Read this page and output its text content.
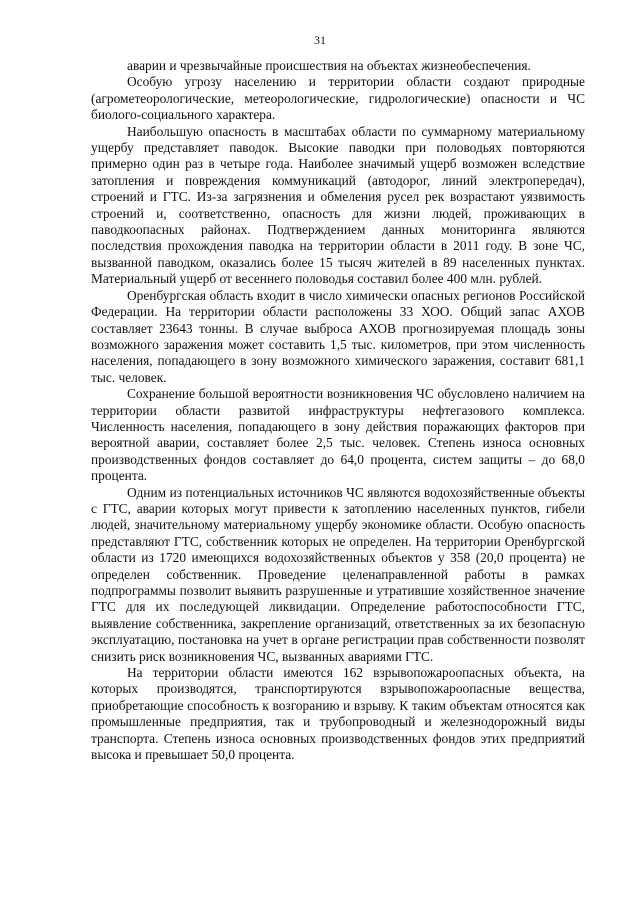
31

аварии и чрезвычайные происшествия на объектах жизнеобеспечения.

Особую угрозу населению и территории области создают природные (агрометеорологические, метеорологические, гидрологические) опасности и ЧС биолого-социального характера.

Наибольшую опасность в масштабах области по суммарному материальному ущербу представляет паводок. Высокие паводки при половодьях повторяются примерно один раз в четыре года. Наиболее значимый ущерб возможен вследствие затопления и повреждения коммуникаций (автодорог, линий электропередач), строений и ГТС. Из-за загрязнения и обмеления русел рек возрастают уязвимость строений и, соответственно, опасность для жизни людей, проживающих в паводкоопасных районах. Подтверждением данных мониторинга являются последствия прохождения паводка на территории области в 2011 году. В зоне ЧС, вызванной паводком, оказались более 15 тысяч жителей в 89 населенных пунктах. Материальный ущерб от весеннего половодья составил более 400 млн. рублей.

Оренбургская область входит в число химически опасных регионов Российской Федерации. На территории области расположены 33 ХОО. Общий запас АХОВ составляет 23643 тонны. В случае выброса АХОВ прогнозируемая площадь зоны возможного заражения может составить 1,5 тыс. километров, при этом численность населения, попадающего в зону возможного химического заражения, составит 681,1 тыс. человек.

Сохранение большой вероятности возникновения ЧС обусловлено наличием на территории области развитой инфраструктуры нефтегазового комплекса. Численность населения, попадающего в зону действия поражающих факторов при вероятной аварии, составляет более 2,5 тыс. человек. Степень износа основных производственных фондов составляет до 64,0 процента, систем защиты – до 68,0 процента.

Одним из потенциальных источников ЧС являются водохозяйственные объекты с ГТС, аварии которых могут привести к затоплению населенных пунктов, гибели людей, значительному материальному ущербу экономике области. Особую опасность представляют ГТС, собственник которых не определен. На территории Оренбургской области из 1720 имеющихся водохозяйственных объектов у 358 (20,0 процента) не определен собственник. Проведение целенаправленной работы в рамках подпрограммы позволит выявить разрушенные и утратившие хозяйственное значение ГТС для их последующей ликвидации. Определение работоспособности ГТС, выявление собственника, закрепление организаций, ответственных за их безопасную эксплуатацию, постановка на учет в органе регистрации прав собственности позволят снизить риск возникновения ЧС, вызванных авариями ГТС.

На территории области имеются 162 взрывопожароопасных объекта, на которых производятся, транспортируются взрывопожароопасные вещества, приобретающие способность к возгоранию и взрыву. К таким объектам относятся как промышленные предприятия, так и трубопроводный и железнодорожный виды транспорта. Степень износа основных производственных фондов этих предприятий высока и превышает 50,0 процента.
